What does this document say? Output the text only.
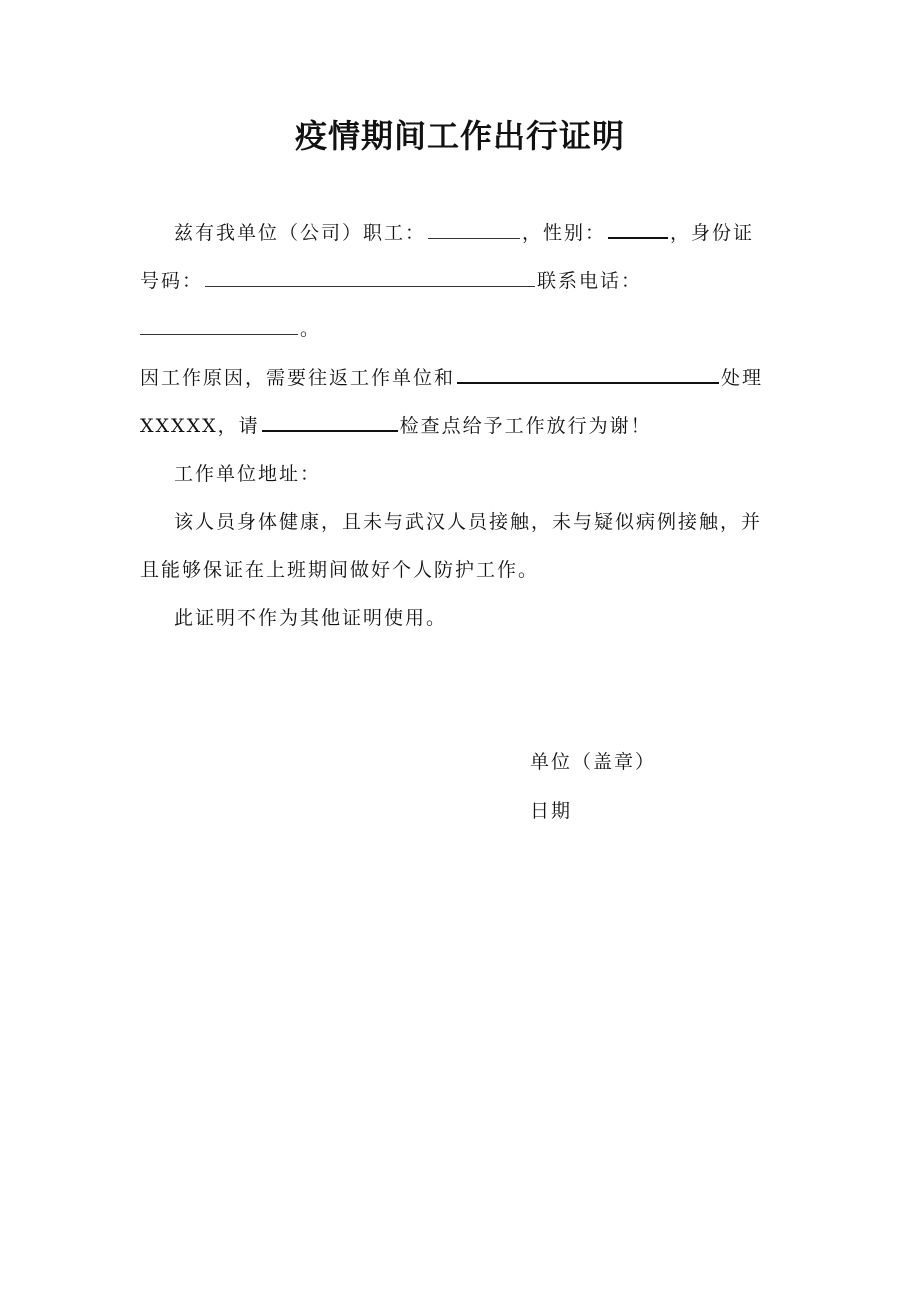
疫情期间工作出行证明
兹有我单位（公司）职工：	，性别：	，身份证
号码：	联系电话：
。
因工作原因，需要往返工作单位和	处理
XXXXX，请	检查点给予工作放行为谢！
工作单位地址：
该人员身体健康，且未与武汉人员接触，未与疑似病例接触，并
且能够保证在上班期间做好个人防护工作。
此证明不作为其他证明使用。
单位（盖章）
日期
